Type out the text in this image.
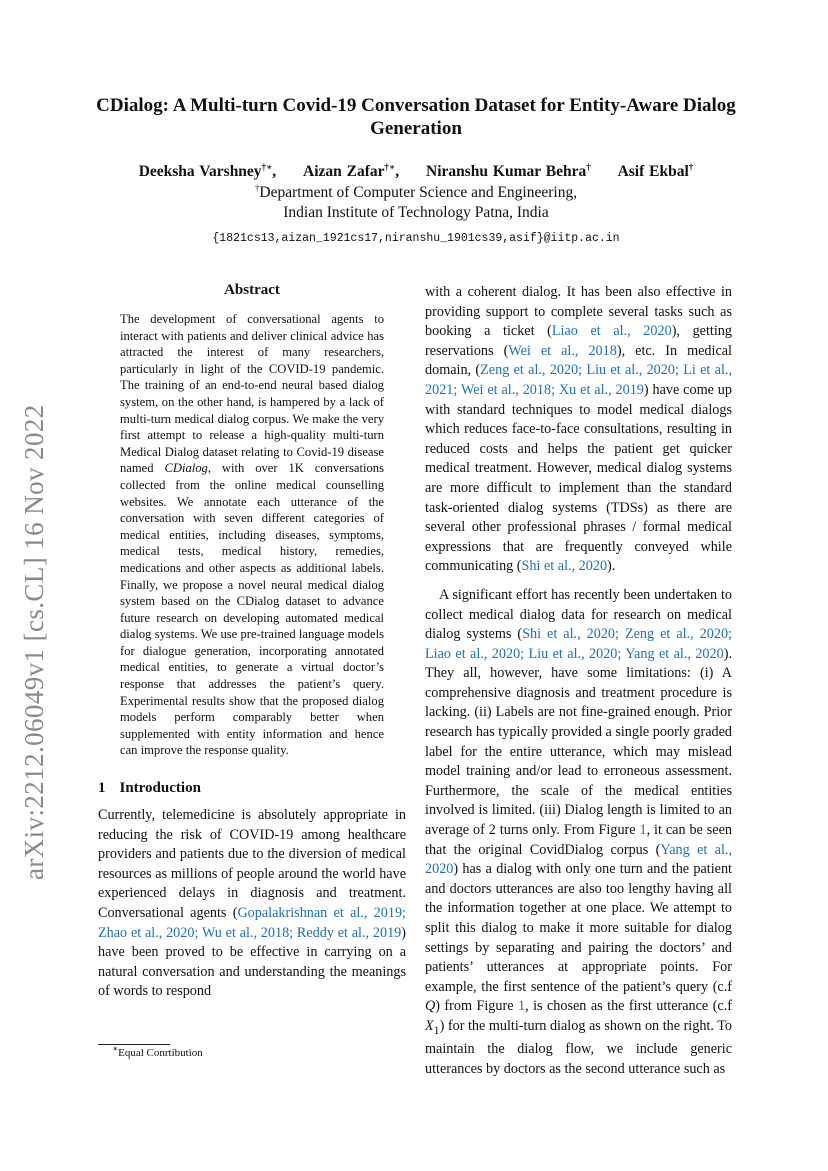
arXiv:2212.06049v1 [cs.CL] 16 Nov 2022
CDialog: A Multi-turn Covid-19 Conversation Dataset for Entity-Aware Dialog Generation
Deeksha Varshney†∗, Aizan Zafar†∗, Niranshu Kumar Behra† Asif Ekbal†
†Department of Computer Science and Engineering,
Indian Institute of Technology Patna, India
{1821cs13,aizan_1921cs17,niranshu_1901cs39,asif}@iitp.ac.in
Abstract

The development of conversational agents to interact with patients and deliver clinical advice has attracted the interest of many researchers, particularly in light of the COVID-19 pandemic. The training of an end-to-end neural based dialog system, on the other hand, is hampered by a lack of multi-turn medical dialog corpus. We make the very first attempt to release a high-quality multi-turn Medical Dialog dataset relating to Covid-19 disease named CDialog, with over 1K conversations collected from the online medical counselling websites. We annotate each utterance of the conversation with seven different categories of medical entities, including diseases, symptoms, medical tests, medical history, remedies, medications and other aspects as additional labels. Finally, we propose a novel neural medical dialog system based on the CDialog dataset to advance future research on developing automated medical dialog systems. We use pre-trained language models for dialogue generation, incorporating annotated medical entities, to generate a virtual doctor’s response that addresses the patient’s query. Experimental results show that the proposed dialog models perform comparably better when supplemented with entity information and hence can improve the response quality.

1 Introduction

Currently, telemedicine is absolutely appropriate in reducing the risk of COVID-19 among healthcare providers and patients due to the diversion of medical resources as millions of people around the world have experienced delays in diagnosis and treatment. Conversational agents (Gopalakrishnan et al., 2019; Zhao et al., 2020; Wu et al., 2018; Reddy et al., 2019) have been proved to be effective in carrying on a natural conversation and understanding the meanings of words to respond

with a coherent dialog. It has been also effective in providing support to complete several tasks such as booking a ticket (Liao et al., 2020), getting reservations (Wei et al., 2018), etc. In medical domain, (Zeng et al., 2020; Liu et al., 2020; Li et al., 2021; Wei et al., 2018; Xu et al., 2019) have come up with standard techniques to model medical dialogs which reduces face-to-face consultations, resulting in reduced costs and helps the patient get quicker medical treatment. However, medical dialog systems are more difficult to implement than the standard task-oriented dialog systems (TDSs) as there are several other professional phrases / formal medical expressions that are frequently conveyed while communicating (Shi et al., 2020).

A significant effort has recently been undertaken to collect medical dialog data for research on medical dialog systems (Shi et al., 2020; Zeng et al., 2020; Liao et al., 2020; Liu et al., 2020; Yang et al., 2020). They all, however, have some limitations: (i) A comprehensive diagnosis and treatment procedure is lacking. (ii) Labels are not fine-grained enough. Prior research has typically provided a single poorly graded label for the entire utterance, which may mislead model training and/or lead to erroneous assessment. Furthermore, the scale of the medical entities involved is limited. (iii) Dialog length is limited to an average of 2 turns only. From Figure 1, it can be seen that the original CovidDialog corpus (Yang et al., 2020) has a dialog with only one turn and the patient and doctors utterances are also too lengthy having all the information together at one place. We attempt to split this dialog to make it more suitable for dialog settings by separating and pairing the doctors’ and patients’ utterances at appropriate points. For example, the first sentence of the patient’s query (c.f Q) from Figure 1, is chosen as the first utterance (c.f $X_1$) for the multi-turn dialog as shown on the right. To maintain the dialog flow, we include generic utterances by doctors as the second utterance such as

∗Equal Conrtibution
